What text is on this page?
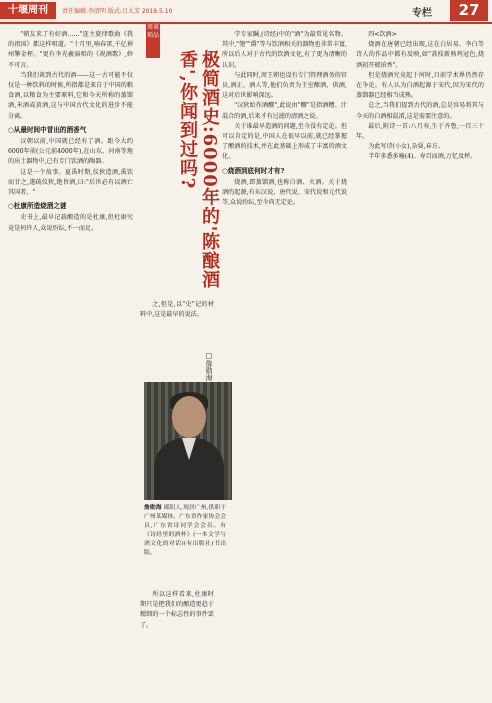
十堰周刊	责任编辑:李清明 版式:吕大芳 2019.5.10	专栏	27

"朝友来了有好酒……"连主旋律歌曲《我的祖国》都这样唱道。"十月里,响春雷,千亿神州擎金杯。"更有李光羲演唱的《祝酒歌》,妙不可言。

当我们谈到古代的酒——这一古可能不仅仅是一种饮料的时候,所指都是来自于中国的粮食酒,以粮食为主要原料,它和今天所称的蒸馏酒,米酒或黄酒,这与中国古代文化的进步不能分离。

○从最时间中冒出的酒香气

汉朝以前,中国就已经有了酒。距今大约6000年前(公元前4000年),在山东、河南等地的出土器物中,已有专门饮酒的陶器。

这是一个故事。夏禹时期,仪狄造酒,禹饮而甘之,遂疏仪狄,绝旨酒,曰:"后世必有以酒亡其国者。"

○杜康所造烧酒之谜

史书上,最早记载酿造的是杜康,但杜康究竟是何许人,众说纷纭,不一而足。

周谈琐品
极简酒史:6000年的'陈酿酒香',你闻到过吗?

之,但是,以"史"记的材料中,这是最早的说法。

□詹勋海
詹勋海 郧阳人,现居广州,供职于广州某媒体。广东省作家协会会员,广东省诗词学会会员。有《诗经里的酒杯》(一本文学与酒文化的对话)(有出版社)书出版。

所以这样看来,杜康时期只是把我们的酿造更趋于精细的一个标志性的事件罢了。

学专家瞩,(诗经)中的"酒"为最常见名物。其中,"匏""爵"等与饮酒相关的器物也非常丰富,所以后人对于古代的饮酒文化,有了更为清晰的认识。

与此同时,周王朝也设有专门管理酒务的官员,酒正、酒人等,他们负责为王室酿酒、供酒,这对后世影响深远。

"汉狄始作酒醪",此说由"醪"是指酒糟、汁混合的酒,后来才有过滤的清酒之说。

关于谁最早造酒的问题,至今没有定论。但可以肯定的是,中国人在很早以前,就已经掌握了酿酒的技术,并在此基础上形成了丰富的酒文化。

○烧酒到底何时才有?

烧酒,即蒸馏酒,也称白酒、火酒。关于烧酒的起源,有东汉说、唐代说、宋代说和元代说等,众说纷纭,至今尚无定论。

四<饮酒>

烧酒在唐朝已经出现,这在白居易、李白等诗人的作品中都有反映,如"荔枝新熟鸡冠色,烧酒初开琥珀香"。

但是烧酒究竟起于何时,目前学术界仍然存在争论。有人认为白酒起源于宋代,因为宋代的蒸馏器已经相当成熟。

总之,当我们提到古代的酒,总是容易将其与今天的白酒相混淆,这是需要注意的。

最后,附诗一首:八月寿,生于齐鲁,一百三十年。

为此写诗(小女),杂耍,春方。

半年多悉多喻(4)。寿百而酒,万忆及杯。
